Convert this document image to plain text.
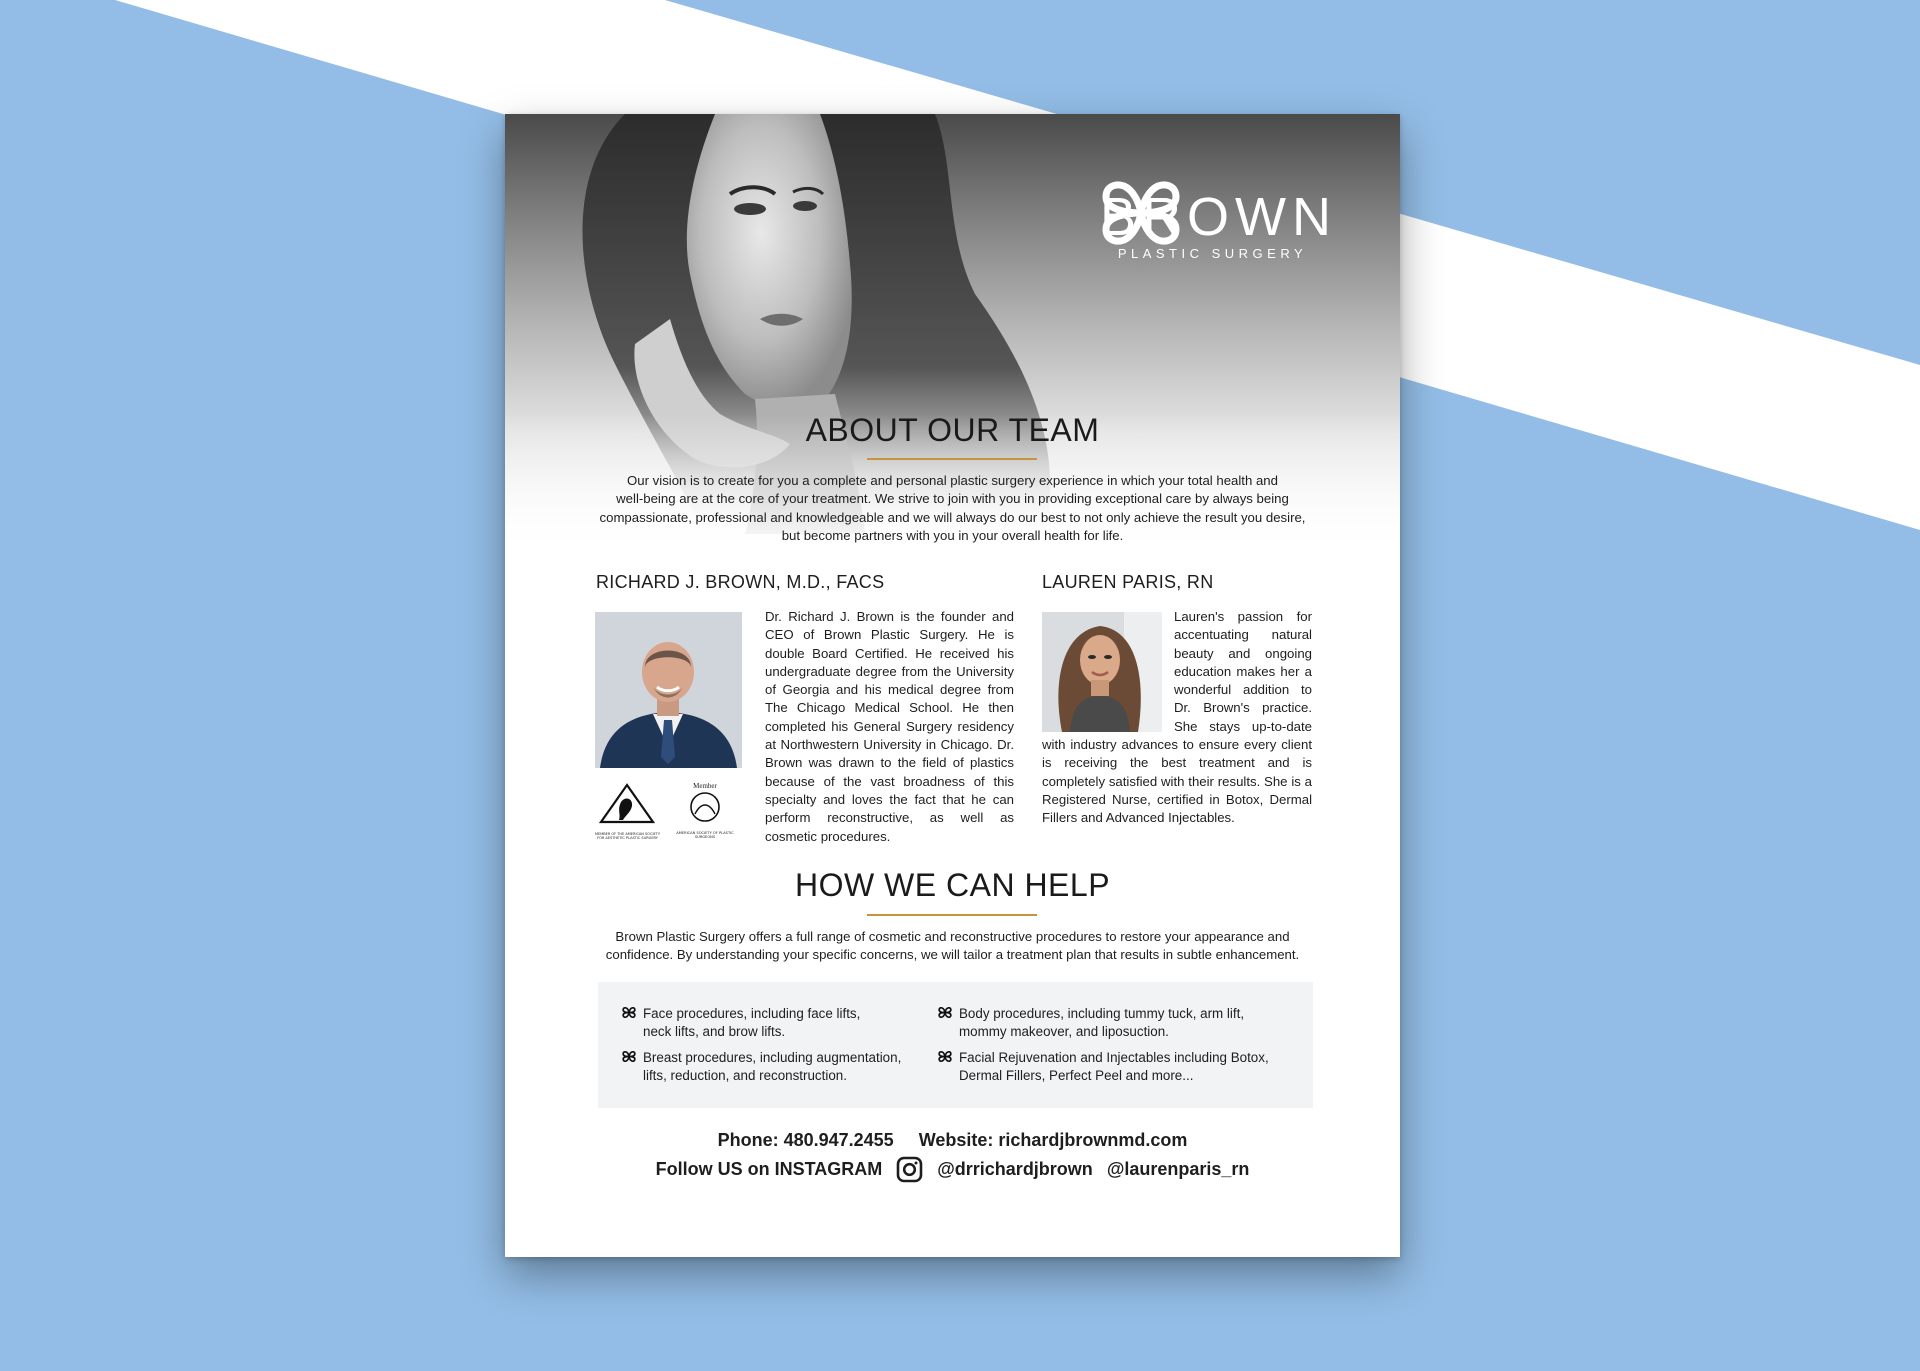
BROWN
PLASTIC SURGERY
ABOUT OUR TEAM
Our vision is to create for you a complete and personal plastic surgery experience in which your total health and
well-being are at the core of your treatment. We strive to join with you in providing exceptional care by always being
compassionate, professional and knowledgeable and we will always do our best to not only achieve the result you desire,
but become partners with you in your overall health for life.
RICHARD J. BROWN, M.D., FACS
MEMBER OF THE AMERICAN SOCIETY FOR AESTHETIC PLASTIC SURGERY
Member
AMERICAN SOCIETY OF PLASTIC SURGEONS
Dr. Richard J. Brown is the founder and CEO of Brown Plastic Surgery. He is double Board Certified. He received his undergraduate degree from the University of Georgia and his medical degree from The Chicago Medical School. He then completed his General Surgery residency at Northwestern University in Chicago. Dr. Brown was drawn to the field of plastics because of the vast broadness of this specialty and loves the fact that he can perform reconstructive, as well as cosmetic procedures.
LAUREN PARIS, RN
Lauren's passion for accentuating natural beauty and ongoing education makes her a wonderful addition to Dr. Brown's practice. She stays up-to-date with industry advances to ensure every client is receiving the best treatment and is completely satisfied with their results. She is a Registered Nurse, certified in Botox, Dermal Fillers and Advanced Injectables.
HOW WE CAN HELP
Brown Plastic Surgery offers a full range of cosmetic and reconstructive procedures to restore your appearance and
confidence. By understanding your specific concerns, we will tailor a treatment plan that results in subtle enhancement.
Face procedures, including face lifts,
neck lifts, and brow lifts.
Body procedures, including tummy tuck, arm lift,
mommy makeover, and liposuction.
Breast procedures, including augmentation,
lifts, reduction, and reconstruction.
Facial Rejuvenation and Injectables including Botox,
Dermal Fillers, Perfect Peel and more...
Phone: 480.947.2455 Website: richardjbrownmd.com
Follow US on INSTAGRAM	@drrichardjbrown @laurenparis_rn
